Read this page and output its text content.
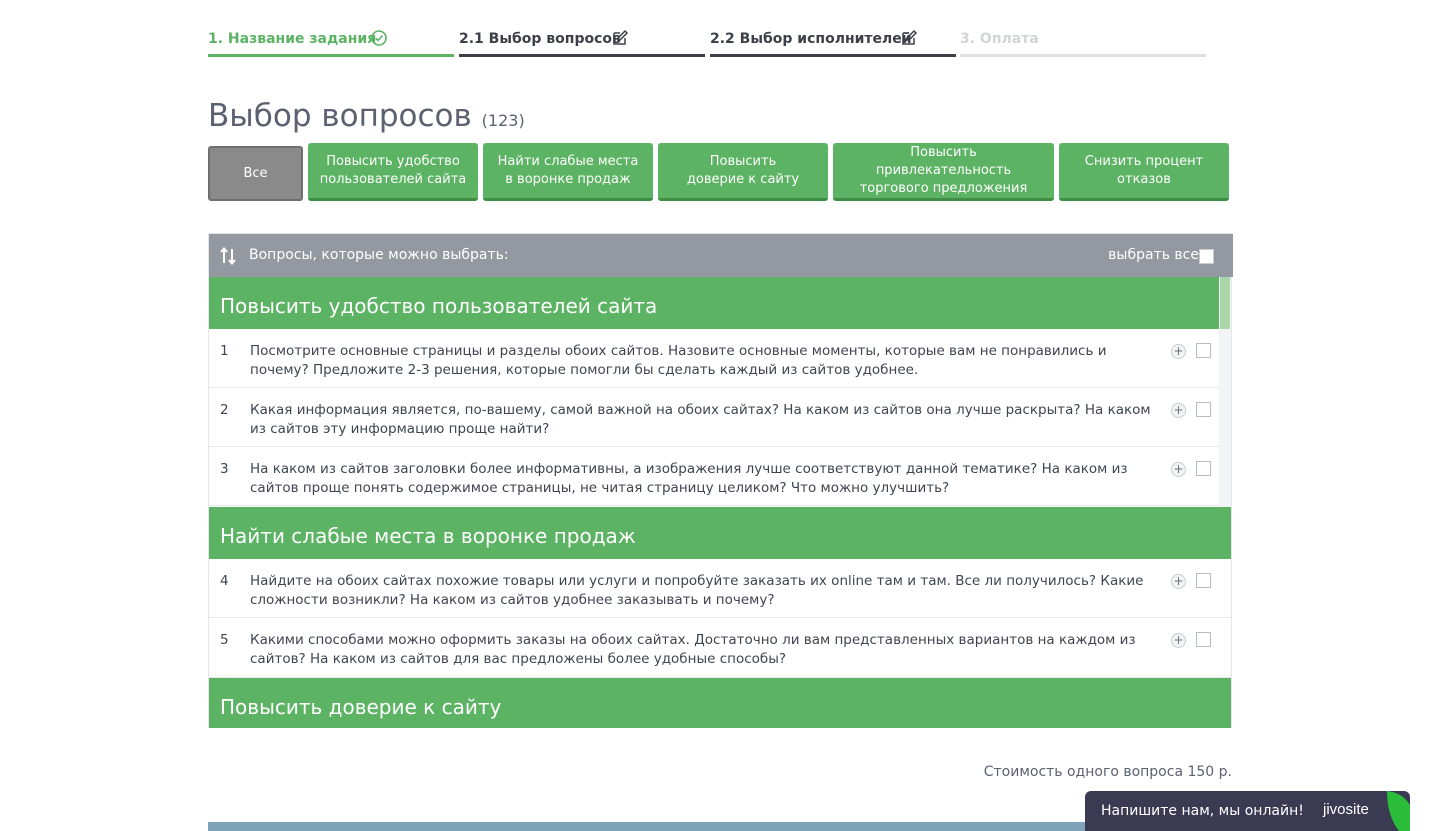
1. Название задания	2.1 Выбор вопросов	2.2 Выбор исполнителей	3. Оплата
Выбор вопросов (123)
Все
Повысить удобство
пользователей сайта
Найти слабые места
в воронке продаж
Повысить
доверие к сайту
Повысить привлекательность
торгового предложения
Снизить процент
отказов
Вопросы, которые можно выбрать:	выбрать все
Повысить удобство пользователей сайта
1 Посмотрите основные страницы и разделы обоих сайтов. Назовите основные моменты, которые вам не понравились и почему? Предложите 2-3 решения, которые помогли бы сделать каждый из сайтов удобнее.
+
2 Какая информация является, по-вашему, самой важной на обоих сайтах? На каком из сайтов она лучше раскрыта? На каком из сайтов эту информацию проще найти?
+
3 На каком из сайтов заголовки более информативны, а изображения лучше соответствуют данной тематике? На каком из сайтов проще понять содержимое страницы, не читая страницу целиком? Что можно улучшить?
+
Найти слабые места в воронке продаж
4 Найдите на обоих сайтах похожие товары или услуги и попробуйте заказать их online там и там. Все ли получилось? Какие сложности возникли? На каком из сайтов удобнее заказывать и почему?
+
5 Какими способами можно оформить заказы на обоих сайтах. Достаточно ли вам представленных вариантов на каждом из сайтов? На каком из сайтов для вас предложены более удобные способы?
+
Повысить доверие к сайту
Стоимость одного вопроса 150 р.
Напишите нам, мы онлайн! jivosite
